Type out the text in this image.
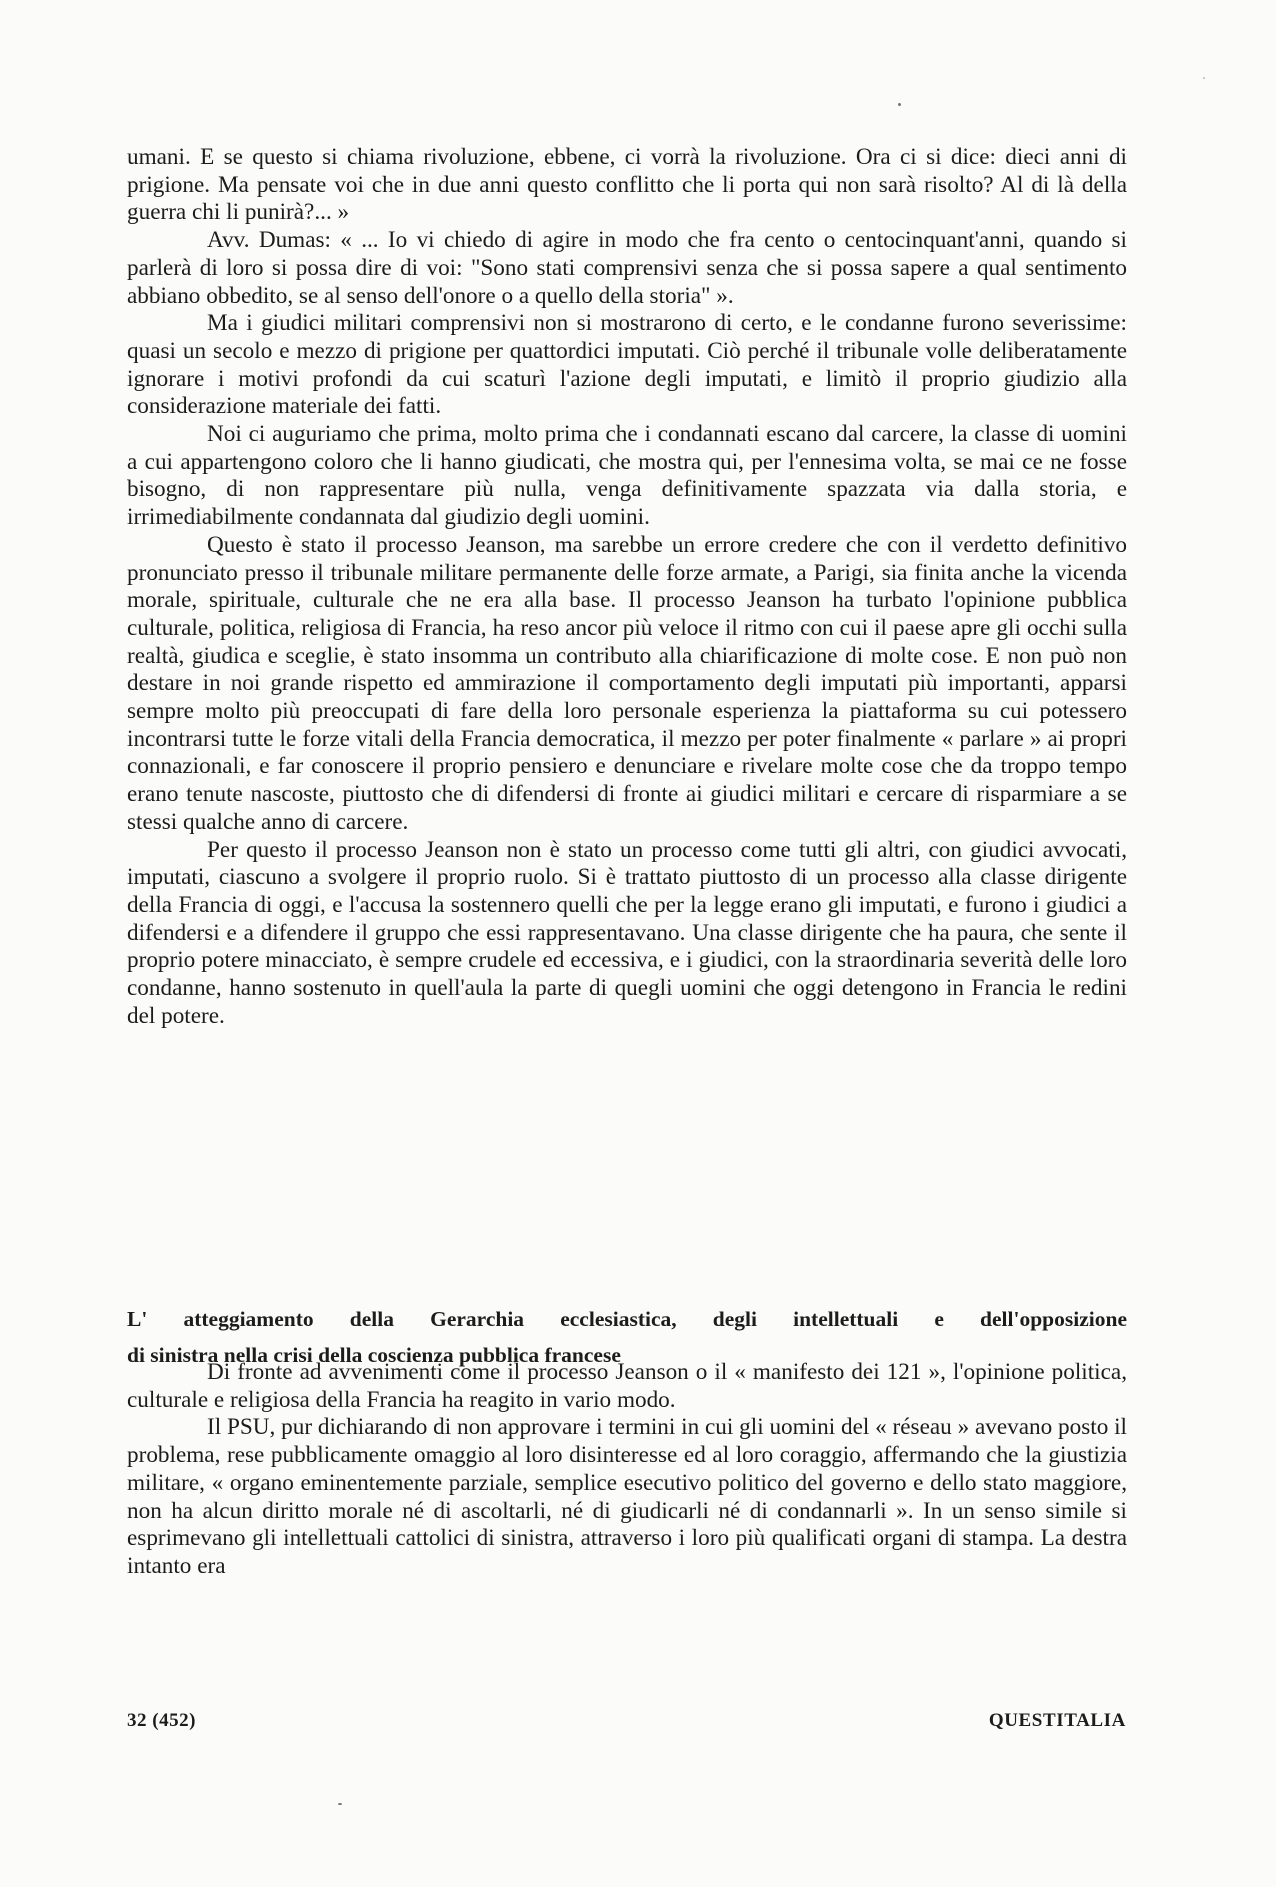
umani. E se questo si chiama rivoluzione, ebbene, ci vorrà la rivoluzione. Ora ci si dice: dieci anni di prigione. Ma pensate voi che in due anni questo conflitto che li porta qui non sarà risolto? Al di là della guerra chi li punirà?... »

Avv. Dumas: « ... Io vi chiedo di agire in modo che fra cento o centocinquant'anni, quando si parlerà di loro si possa dire di voi: "Sono stati comprensivi senza che si possa sapere a qual sentimento abbiano obbedito, se al senso dell'onore o a quello della storia" ».

Ma i giudici militari comprensivi non si mostrarono di certo, e le condanne furono severissime: quasi un secolo e mezzo di prigione per quattordici imputati. Ciò perché il tribunale volle deliberatamente ignorare i motivi profondi da cui scaturì l'azione degli imputati, e limitò il proprio giudizio alla considerazione materiale dei fatti.

Noi ci auguriamo che prima, molto prima che i condannati escano dal carcere, la classe di uomini a cui appartengono coloro che li hanno giudicati, che mostra qui, per l'ennesima volta, se mai ce ne fosse bisogno, di non rappresentare più nulla, venga definitivamente spazzata via dalla storia, e irrimediabilmente condannata dal giudizio degli uomini.

Questo è stato il processo Jeanson, ma sarebbe un errore credere che con il verdetto definitivo pronunciato presso il tribunale militare permanente delle forze armate, a Parigi, sia finita anche la vicenda morale, spirituale, culturale che ne era alla base. Il processo Jeanson ha turbato l'opinione pubblica culturale, politica, religiosa di Francia, ha reso ancor più veloce il ritmo con cui il paese apre gli occhi sulla realtà, giudica e sceglie, è stato insomma un contributo alla chiarificazione di molte cose. E non può non destare in noi grande rispetto ed ammirazione il comportamento degli imputati più importanti, apparsi sempre molto più preoccupati di fare della loro personale esperienza la piattaforma su cui potessero incontrarsi tutte le forze vitali della Francia democratica, il mezzo per poter finalmente « parlare » ai propri connazionali, e far conoscere il proprio pensiero e denunciare e rivelare molte cose che da troppo tempo erano tenute nascoste, piuttosto che di difendersi di fronte ai giudici militari e cercare di risparmiare a se stessi qualche anno di carcere.

Per questo il processo Jeanson non è stato un processo come tutti gli altri, con giudici avvocati, imputati, ciascuno a svolgere il proprio ruolo. Si è trattato piuttosto di un processo alla classe dirigente della Francia di oggi, e l'accusa la sostennero quelli che per la legge erano gli imputati, e furono i giudici a difendersi e a difendere il gruppo che essi rappresentavano. Una classe dirigente che ha paura, che sente il proprio potere minacciato, è sempre crudele ed eccessiva, e i giudici, con la straordinaria severità delle loro condanne, hanno sostenuto in quell'aula la parte di quegli uomini che oggi detengono in Francia le redini del potere.

L' atteggiamento della Gerarchia ecclesiastica, degli intellettuali e dell'opposizione
di sinistra nella crisi della coscienza pubblica francese

Di fronte ad avvenimenti come il processo Jeanson o il « manifesto dei 121 », l'opinione politica, culturale e religiosa della Francia ha reagito in vario modo.

Il PSU, pur dichiarando di non approvare i termini in cui gli uomini del « réseau » avevano posto il problema, rese pubblicamente omaggio al loro disinteresse ed al loro coraggio, affermando che la giustizia militare, « organo eminentemente parziale, semplice esecutivo politico del governo e dello stato maggiore, non ha alcun diritto morale né di ascoltarli, né di giudicarli né di condannarli ». In un senso simile si esprimevano gli intellettuali cattolici di sinistra, attraverso i loro più qualificati organi di stampa. La destra intanto era

32 (452)	QUESTITALIA
